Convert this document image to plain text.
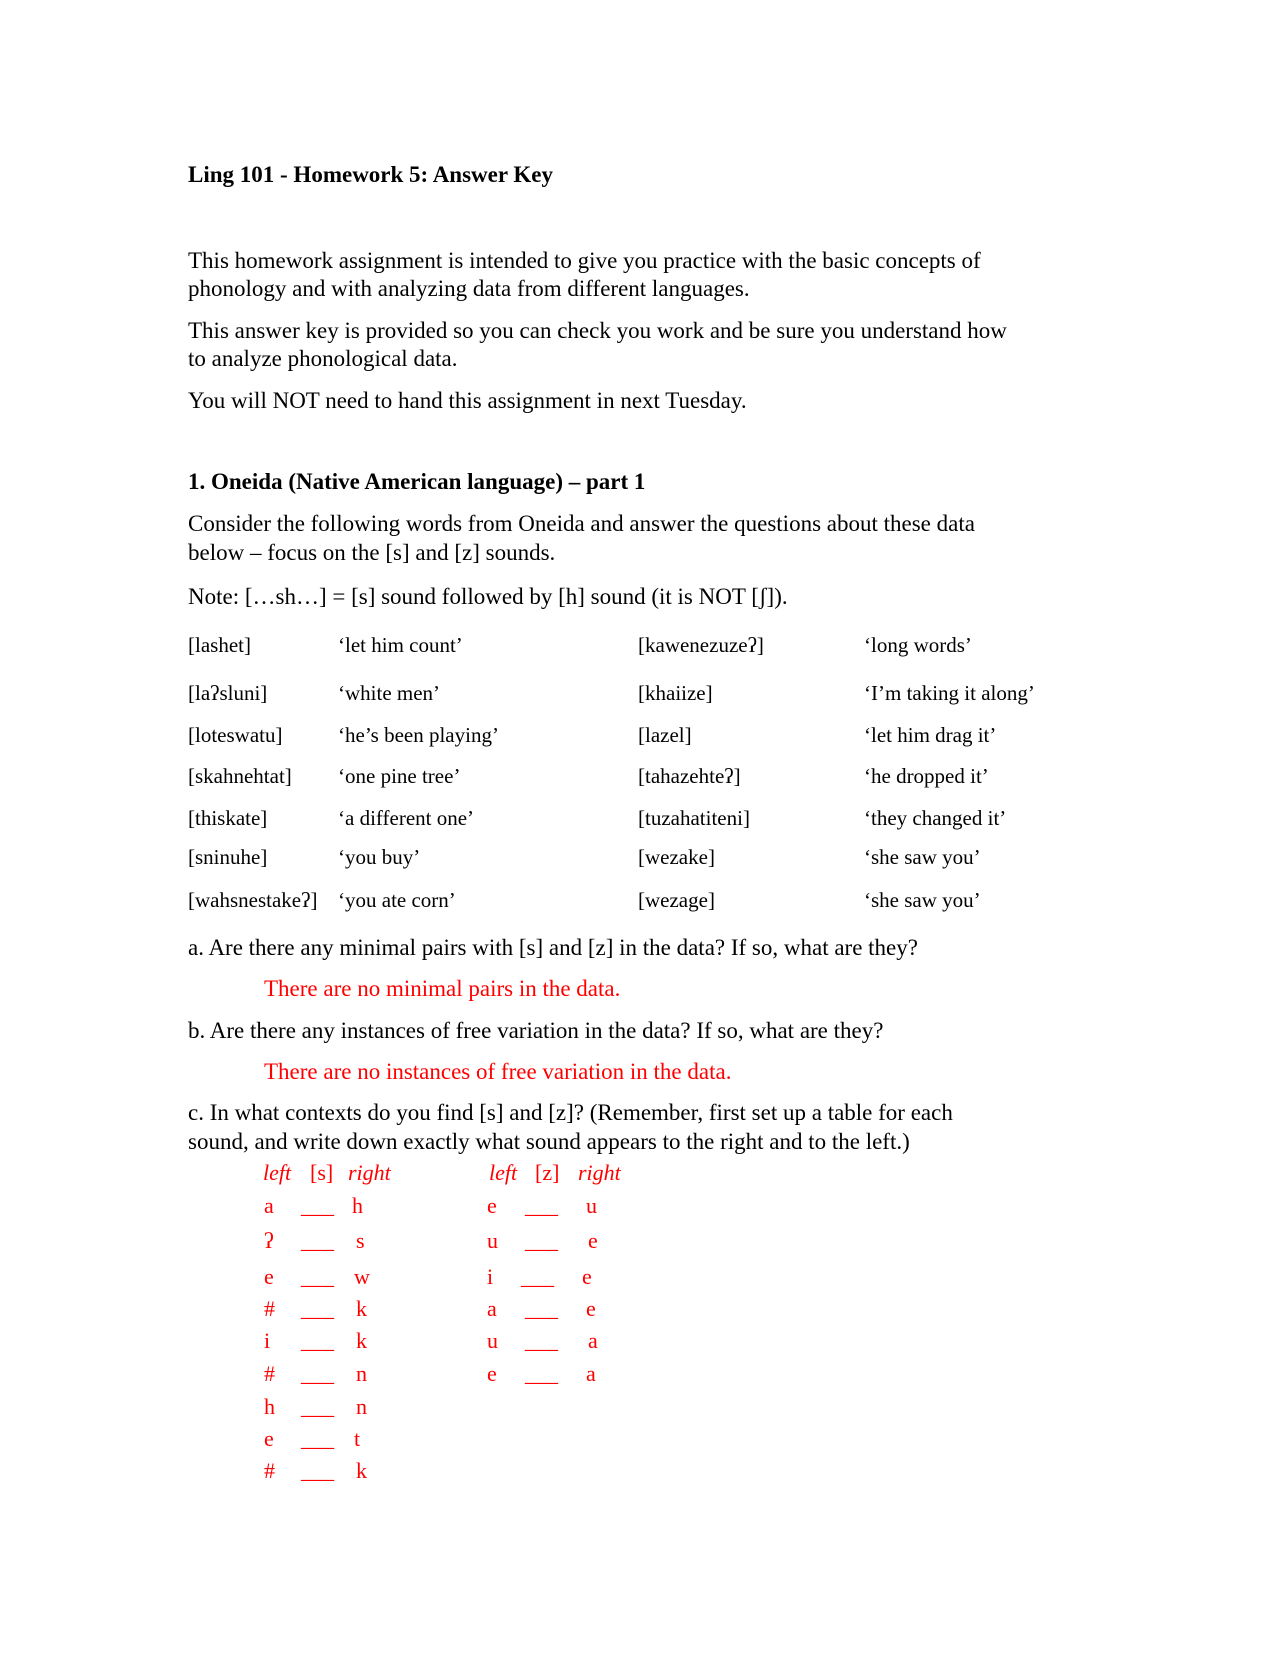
Ling 101 - Homework 5: Answer Key
This homework assignment is intended to give you practice with the basic concepts of
phonology and with analyzing data from different languages.
This answer key is provided so you can check you work and be sure you understand how
to analyze phonological data.
You will NOT need to hand this assignment in next Tuesday.
1. Oneida (Native American language) – part 1
Consider the following words from Oneida and answer the questions about these data
below – focus on the [s] and [z] sounds.
Note: […sh…] = [s] sound followed by [h] sound (it is NOT [ʃ]).
[lashet]	‘let him count’	[kawenezuzeʔ]	‘long words’
[laʔsluni]	‘white men’	[khaiize]	‘I’m taking it along’
[loteswatu]	‘he’s been playing’	[lazel]	‘let him drag it’
[skahnehtat] ‘one pine tree’	[tahazehteʔ]	‘he dropped it’
[thiskate]	‘a different one’	[tuzahatiteni]	‘they changed it’
[sninuhe]	‘you buy’	[wezake]	‘she saw you’
[wahsnestakeʔ] ‘you ate corn’	[wezage]	‘she saw you’
a. Are there any minimal pairs with [s] and [z] in the data? If so, what are they?
There are no minimal pairs in the data.
b. Are there any instances of free variation in the data? If so, what are they?
There are no instances of free variation in the data.
c. In what contexts do you find [s] and [z]? (Remember, first set up a table for each
sound, and write down exactly what sound appears to the right and to the left.)
left [s] right
a ___ h
ʔ ___ s
e ___ w
# ___ k
i ___ k
# ___ n
h ___ n
e ___ t
# ___ k
left [z] right
e ___ u
u ___ e
i ___ e
a ___ e
u ___ a
e ___ a
